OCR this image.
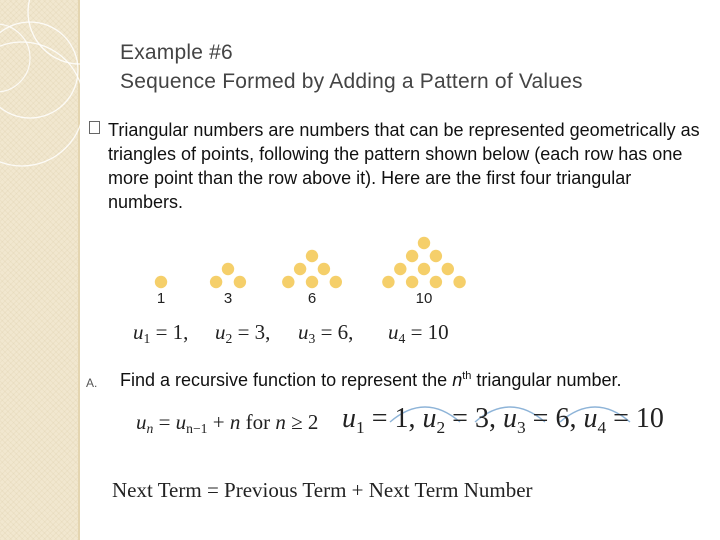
Example #6
Sequence Formed by Adding a Pattern of Values
Triangular numbers are numbers that can be represented geometrically as triangles of points, following the pattern shown below (each row has one more point than the row above it). Here are the first four triangular numbers.
1	3	6	10
$u_1 = 1$, $u_2 = 3$, $u_3 = 6$, $u_4 = 10$
A. Find a recursive function to represent the $n^{th}$ triangular number.
$u_n = u_{n-1} + n$ for n ≥ 2 $u_1 = 1$, $u_2 = 3$, $u_3 = 6$, $u_4 = 10$
Next Term = Previous Term + Next Term Number
